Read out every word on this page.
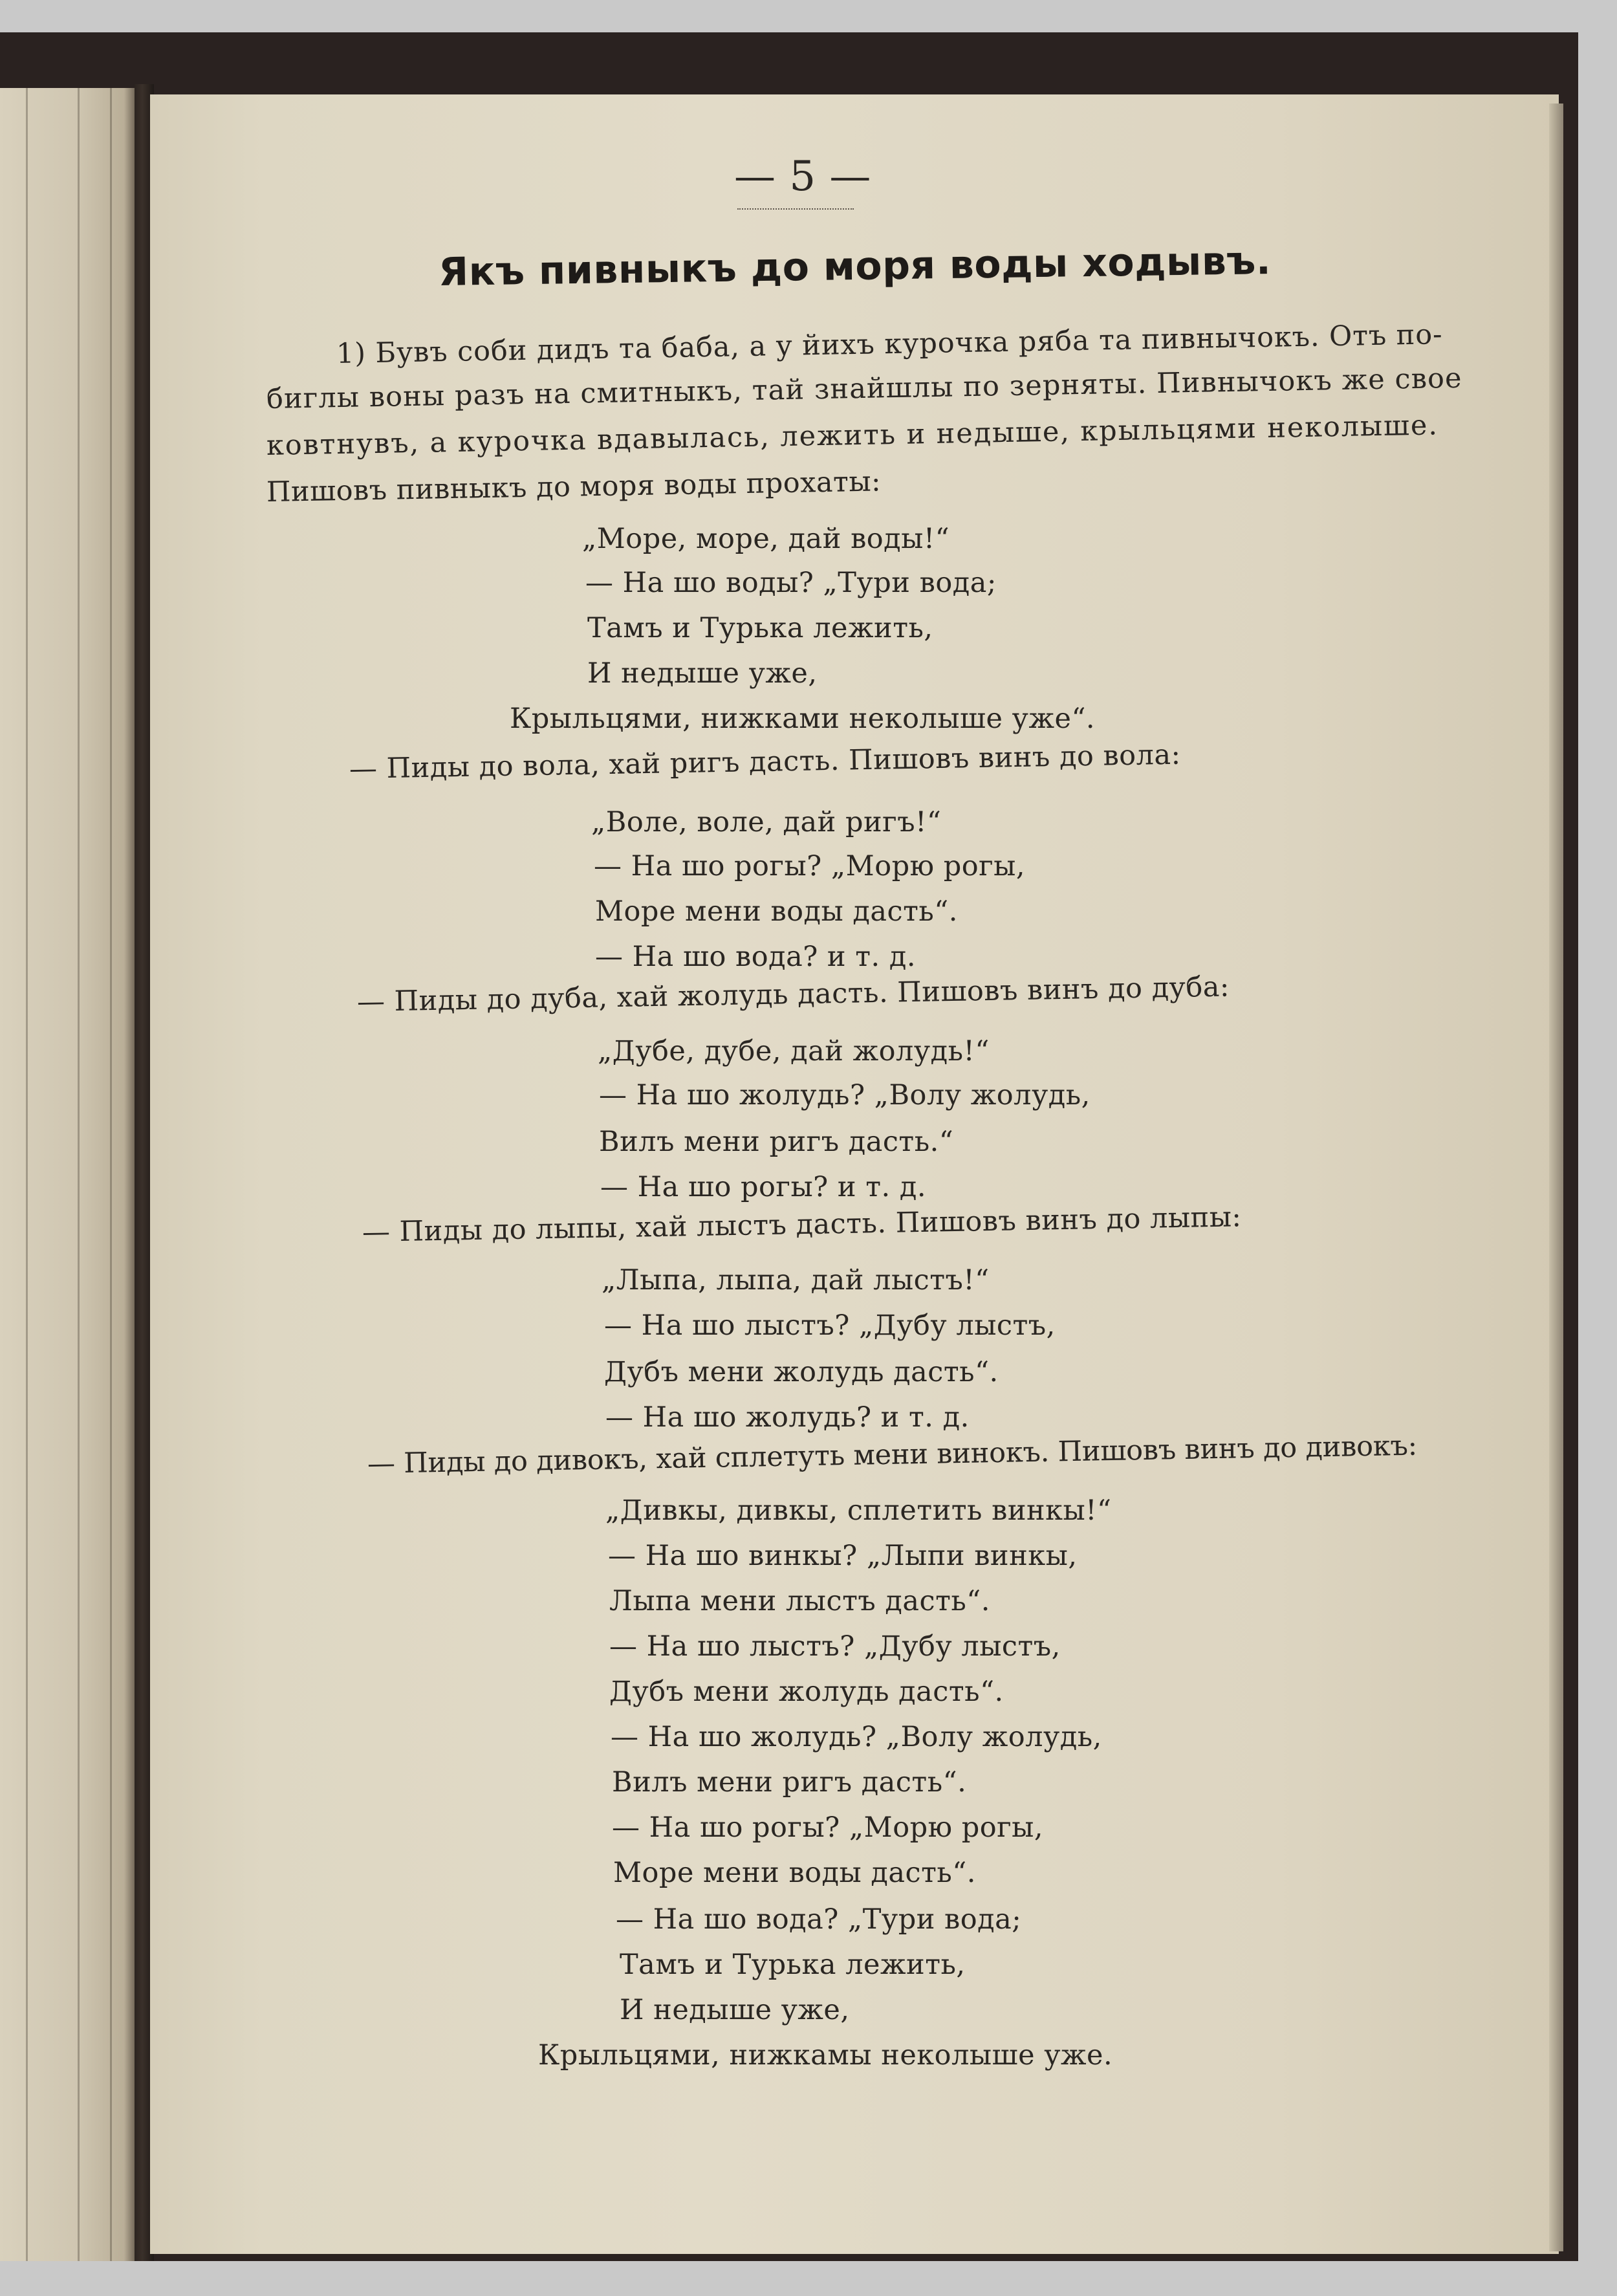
— 5 —
Якъ пивныкъ до моря воды ходывъ.
1) Бувъ соби дидъ та баба, а у йихъ курочка ряба та пивнычокъ. Отъ по-
биглы воны разъ на смитныкъ, тай знайшлы по зерняты. Пивнычокъ же свое
ковтнувъ, а курочка вдавылась, лежить и недыше, крыльцями неколыше.
Пишовъ пивныкъ до моря воды прохаты:
„Море, море, дай воды!“
— На шо воды? „Тури вода;
Тамъ и Турька лежить,
И недыше уже,
Крыльцями, нижками неколыше уже“.
— Пиды до вола, хай ригъ дасть. Пишовъ винъ до вола:
„Воле, воле, дай ригъ!“
— На шо рогы? „Морю рогы,
Море мени воды дасть“.
— На шо вода? и т. д.
— Пиды до дуба, хай жолудь дасть. Пишовъ винъ до дуба:
„Дубе, дубе, дай жолудь!“
— На шо жолудь? „Волу жолудь,
Вилъ мени ригъ дасть.“
— На шо рогы? и т. д.
— Пиды до лыпы, хай лыстъ дасть. Пишовъ винъ до лыпы:
„Лыпа, лыпа, дай лыстъ!“
— На шо лыстъ? „Дубу лыстъ,
Дубъ мени жолудь дасть“.
— На шо жолудь? и т. д.
— Пиды до дивокъ, хай сплетуть мени винокъ. Пишовъ винъ до дивокъ:
„Дивкы, дивкы, сплетить винкы!“
— На шо винкы? „Лыпи винкы,
Лыпа мени лыстъ дасть“.
— На шо лыстъ? „Дубу лыстъ,
Дубъ мени жолудь дасть“.
— На шо жолудь? „Волу жолудь,
Вилъ мени ригъ дасть“.
— На шо рогы? „Морю рогы,
Море мени воды дасть“.
— На шо вода? „Тури вода;
Тамъ и Турька лежить,
И недыше уже,
Крыльцями, нижкамы неколыше уже.
